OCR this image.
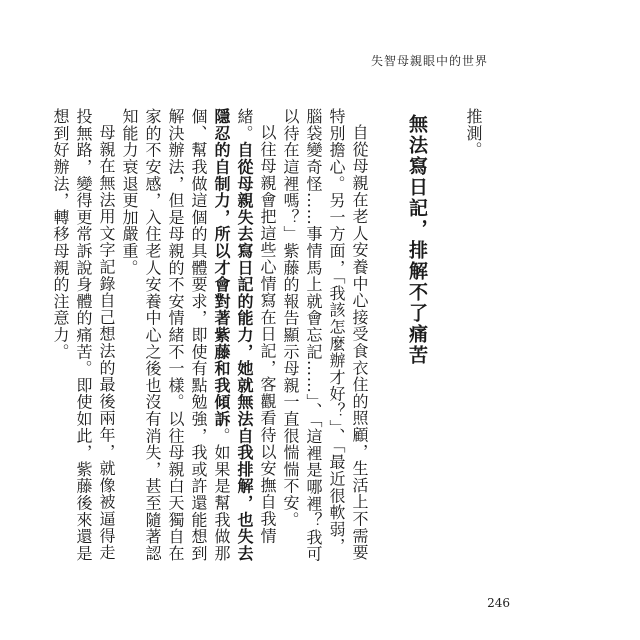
失智母親眼中的世界

推測。

無法寫日記，排解不了痛苦

自從母親在老人安養中心接受食衣住的照顧，生活上不需要特別擔心。另一方面，「我該怎麼辦才好？」、「最近很軟弱，腦袋變奇怪……事情馬上就會忘記……」、「這裡是哪裡？我可以待在這裡嗎？」紫藤的報告顯示母親一直很惴惴不安。

以往母親會把這些心情寫在日記，客觀看待以安撫自我情緒。自從母親失去寫日記的能力，她就無法自我排解，也失去隱忍的自制力，所以才會對著紫藤和我傾訴。如果是幫我做那個、幫我做這個的具體要求，即使有點勉強，我或許還能想到解決辦法，但是母親的不安情緒不一樣。以往母親白天獨自在家的不安感，入住老人安養中心之後也沒有消失，甚至隨著認知能力衰退更加嚴重。

母親在無法用文字記錄自己想法的最後兩年，就像被逼得走投無路，變得更常訴說身體的痛苦。即使如此，紫藤後來還是想到好辦法，轉移母親的注意力。

246
